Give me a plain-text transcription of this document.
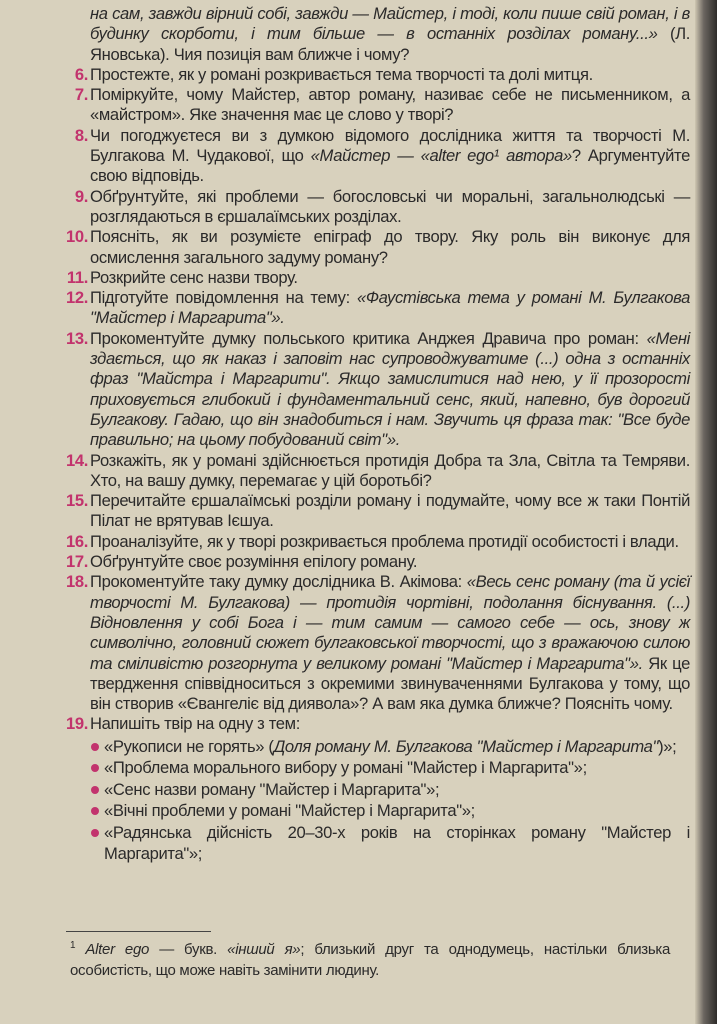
на сам, завжди вірний собі, завжди — Майстер, і тоді, коли пише свій роман, і в будинку скорботи, і тим більше — в останніх розділах роману...» (Л. Яновська). Чия позиція вам ближче і чому?
6. Простежте, як у романі розкривається тема творчості та долі митця.
7. Поміркуйте, чому Майстер, автор роману, називає себе не письменником, а «майстром». Яке значення має це слово у творі?
8. Чи погоджуєтеся ви з думкою відомого дослідника життя та творчості М. Булгакова М. Чудакової, що «Майстер — «alter ego¹ автора»? Аргументуйте свою відповідь.
9. Обґрунтуйте, які проблеми — богословські чи моральні, загальнолюдські — розглядаються в єршалаїмських розділах.
10. Поясніть, як ви розумієте епіграф до твору. Яку роль він виконує для осмислення загального задуму роману?
11. Розкрийте сенс назви твору.
12. Підготуйте повідомлення на тему: «Фаустівська тема у романі М. Булгакова "Майстер і Маргарита"».
13. Прокоментуйте думку польського критика Анджея Дравича про роман: «Мені здається, що як наказ і заповіт нас супроводжуватиме (...) одна з останніх фраз "Майстра і Маргарити". Якщо замислитися над нею, у її прозорості приховується глибокий і фундаментальний сенс, який, напевно, був дорогий Булгакову. Гадаю, що він знадобиться і нам. Звучить ця фраза так: "Все буде правильно; на цьому побудований світ"».
14. Розкажіть, як у романі здійснюється протидія Добра та Зла, Світла та Темряви. Хто, на вашу думку, перемагає у цій боротьбі?
15. Перечитайте єршалаїмські розділи роману і подумайте, чому все ж таки Понтій Пілат не врятував Ієшуа.
16. Проаналізуйте, як у творі розкривається проблема протидії особистості і влади.
17. Обґрунтуйте своє розуміння епілогу роману.
18. Прокоментуйте таку думку дослідника В. Акімова: «Весь сенс роману (та й усієї творчості М. Булгакова) — протидія чортівні, подолання біснування. (...) Відновлення у собі Бога і — тим самим — самого себе — ось, знову ж символічно, головний сюжет булгаковської творчості, що з вражаючою силою та сміливістю розгорнута у великому романі "Майстер і Маргарита"». Як це твердження співвідноситься з окремими звинуваченнями Булгакова у тому, що він створив «Євангеліє від диявола»? А вам яка думка ближче? Поясніть чому.
19. Напишіть твір на одну з тем:
«Рукописи не горять» (Доля роману М. Булгакова "Майстер і Маргарита")»;
«Проблема морального вибору у романі "Майстер і Маргарита"»;
«Сенс назви роману "Майстер і Маргарита"»;
«Вічні проблеми у романі "Майстер і Маргарита"»;
«Радянська дійсність 20–30-х років на сторінках роману "Майстер і Маргарита"»;
$^1$ Alter ego — букв. «інший я»; близький друг та однодумець, настільки близька особистість, що може навіть замінити людину.
